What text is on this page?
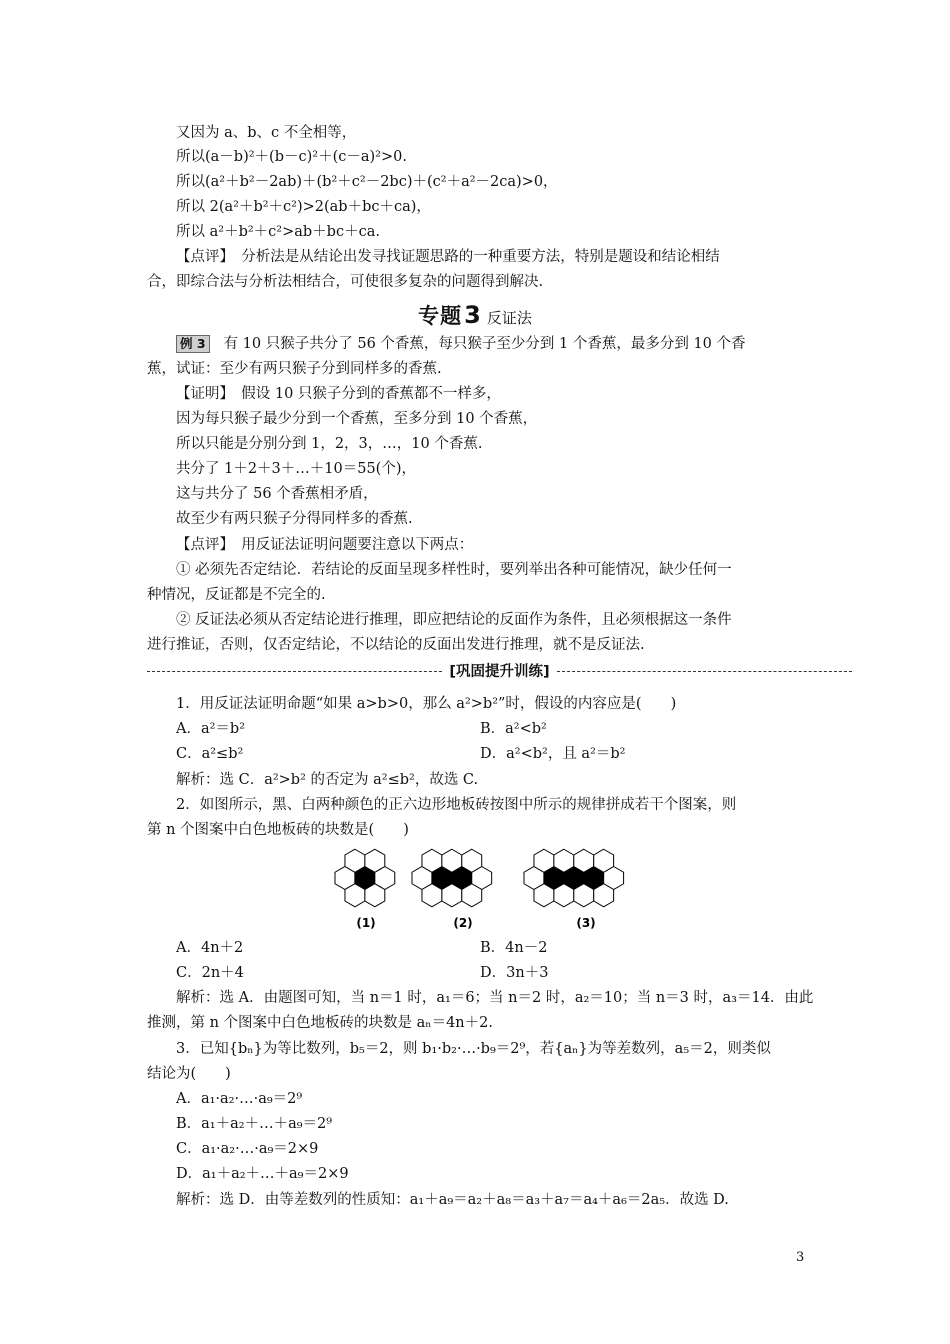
又因为 a、b、c 不全相等，
所以(a－b)²＋(b－c)²＋(c－a)²>0.
所以(a²＋b²－2ab)＋(b²＋c²－2bc)＋(c²＋a²－2ca)>0，
所以 2(a²＋b²＋c²)>2(ab＋bc＋ca)，
所以 a²＋b²＋c²>ab＋bc＋ca.
【点评】　分析法是从结论出发寻找证题思路的一种重要方法，特别是题设和结论相结
合，即综合法与分析法相结合，可使很多复杂的问题得到解决.
专题3 反证法
例 3 有 10 只猴子共分了 56 个香蕉，每只猴子至少分到 1 个香蕉，最多分到 10 个香
蕉，试证：至少有两只猴子分到同样多的香蕉.
【证明】　假设 10 只猴子分到的香蕉都不一样多，
因为每只猴子最少分到一个香蕉，至多分到 10 个香蕉，
所以只能是分别分到 1，2，3，…，10 个香蕉.
共分了 1＋2＋3＋…＋10＝55(个)，
这与共分了 56 个香蕉相矛盾，
故至少有两只猴子分得同样多的香蕉.
【点评】　用反证法证明问题要注意以下两点：
① 必须先否定结论．若结论的反面呈现多样性时，要列举出各种可能情况，缺少任何一
种情况，反证都是不完全的.
② 反证法必须从否定结论进行推理，即应把结论的反面作为条件，且必须根据这一条件
进行推证，否则，仅否定结论，不以结论的反面出发进行推理，就不是反证法.
[巩固提升训练]
1．用反证法证明命题“如果 a>b>0，那么 a²>b²”时，假设的内容应是(　　)
A．a²＝b²	B．a²<b²
C．a²≤b²	D．a²<b²，且 a²＝b²
解析：选 C．a²>b² 的否定为 a²≤b²，故选 C.
2．如图所示，黑、白两种颜色的正六边形地板砖按图中所示的规律拼成若干个图案，则
第 n 个图案中白色地板砖的块数是(　　)
(1)	(2)	(3)
A．4n＋2	B．4n－2
C．2n＋4	D．3n＋3
解析：选 A．由题图可知，当 n＝1 时，a₁＝6；当 n＝2 时，a₂＝10；当 n＝3 时，a₃＝14．由此
推测，第 n 个图案中白色地板砖的块数是 aₙ＝4n＋2.
3．已知{bₙ}为等比数列，b₅＝2，则 b₁·b₂·…·b₉＝2⁹，若{aₙ}为等差数列，a₅＝2，则类似
结论为(　　)
A．a₁·a₂·…·a₉＝2⁹
B．a₁＋a₂＋…＋a₉＝2⁹
C．a₁·a₂·…·a₉＝2×9
D．a₁＋a₂＋…＋a₉＝2×9
解析：选 D．由等差数列的性质知：a₁＋a₉＝a₂＋a₈＝a₃＋a₇＝a₄＋a₆＝2a₅．故选 D.
3
